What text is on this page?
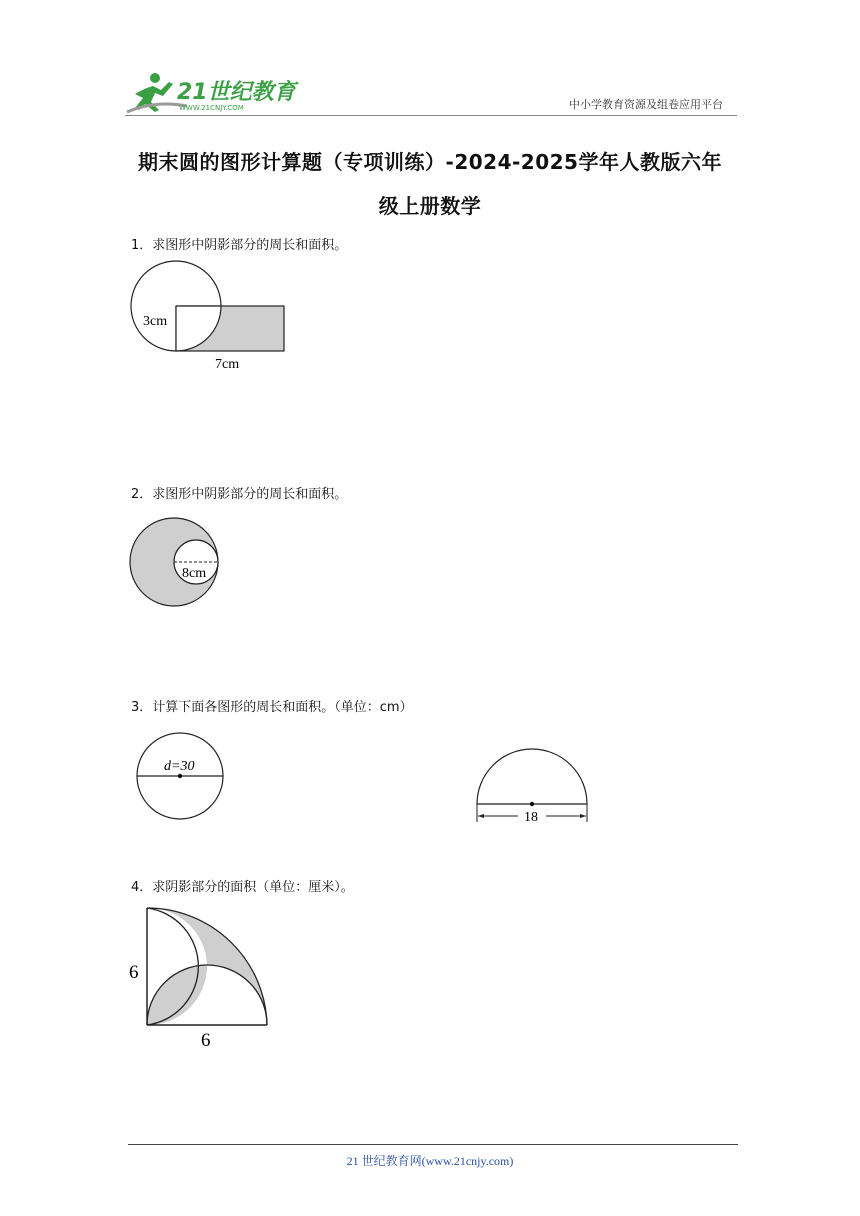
21世纪教育
WWW.21CNJY.COM	中小学教育资源及组卷应用平台
期末圆的图形计算题（专项训练）-2024-2025学年人教版六年
级上册数学
1．求图形中阴影部分的周长和面积。
3cm
7cm
2．求图形中阴影部分的周长和面积。
8cm
3．计算下面各图形的周长和面积。（单位：cm）
d=30
18
4．求阴影部分的面积（单位：厘米）。
6
6
21 世纪教育网(www.21cnjy.com)
